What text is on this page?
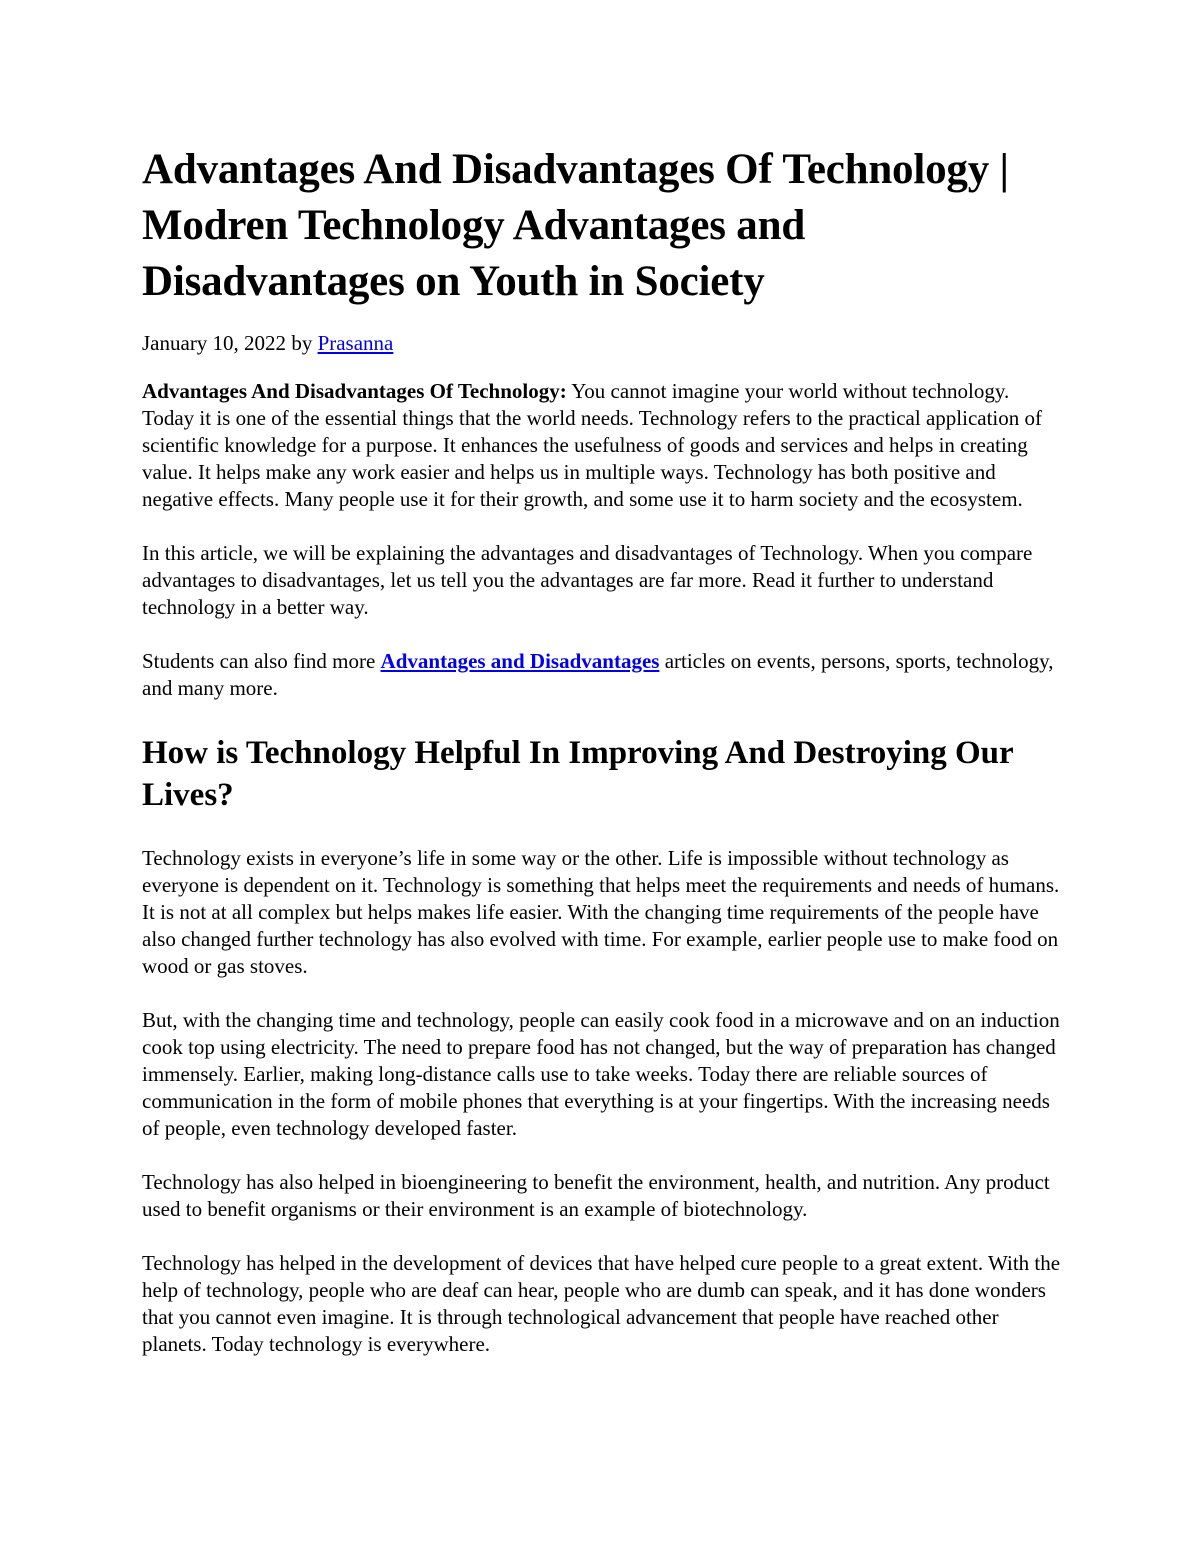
Advantages And Disadvantages Of Technology | Modren Technology Advantages and Disadvantages on Youth in Society
January 10, 2022 by Prasanna

Advantages And Disadvantages Of Technology: You cannot imagine your world without technology. Today it is one of the essential things that the world needs. Technology refers to the practical application of scientific knowledge for a purpose. It enhances the usefulness of goods and services and helps in creating value. It helps make any work easier and helps us in multiple ways. Technology has both positive and negative effects. Many people use it for their growth, and some use it to harm society and the ecosystem.

In this article, we will be explaining the advantages and disadvantages of Technology. When you compare advantages to disadvantages, let us tell you the advantages are far more. Read it further to understand technology in a better way.

Students can also find more Advantages and Disadvantages articles on events, persons, sports, technology, and many more.

How is Technology Helpful In Improving And Destroying Our Lives?

Technology exists in everyone’s life in some way or the other. Life is impossible without technology as everyone is dependent on it. Technology is something that helps meet the requirements and needs of humans. It is not at all complex but helps makes life easier. With the changing time requirements of the people have also changed further technology has also evolved with time. For example, earlier people use to make food on wood or gas stoves.

But, with the changing time and technology, people can easily cook food in a microwave and on an induction cook top using electricity. The need to prepare food has not changed, but the way of preparation has changed immensely. Earlier, making long-distance calls use to take weeks. Today there are reliable sources of communication in the form of mobile phones that everything is at your fingertips. With the increasing needs of people, even technology developed faster.

Technology has also helped in bioengineering to benefit the environment, health, and nutrition. Any product used to benefit organisms or their environment is an example of biotechnology.

Technology has helped in the development of devices that have helped cure people to a great extent. With the help of technology, people who are deaf can hear, people who are dumb can speak, and it has done wonders that you cannot even imagine. It is through technological advancement that people have reached other planets. Today technology is everywhere.
